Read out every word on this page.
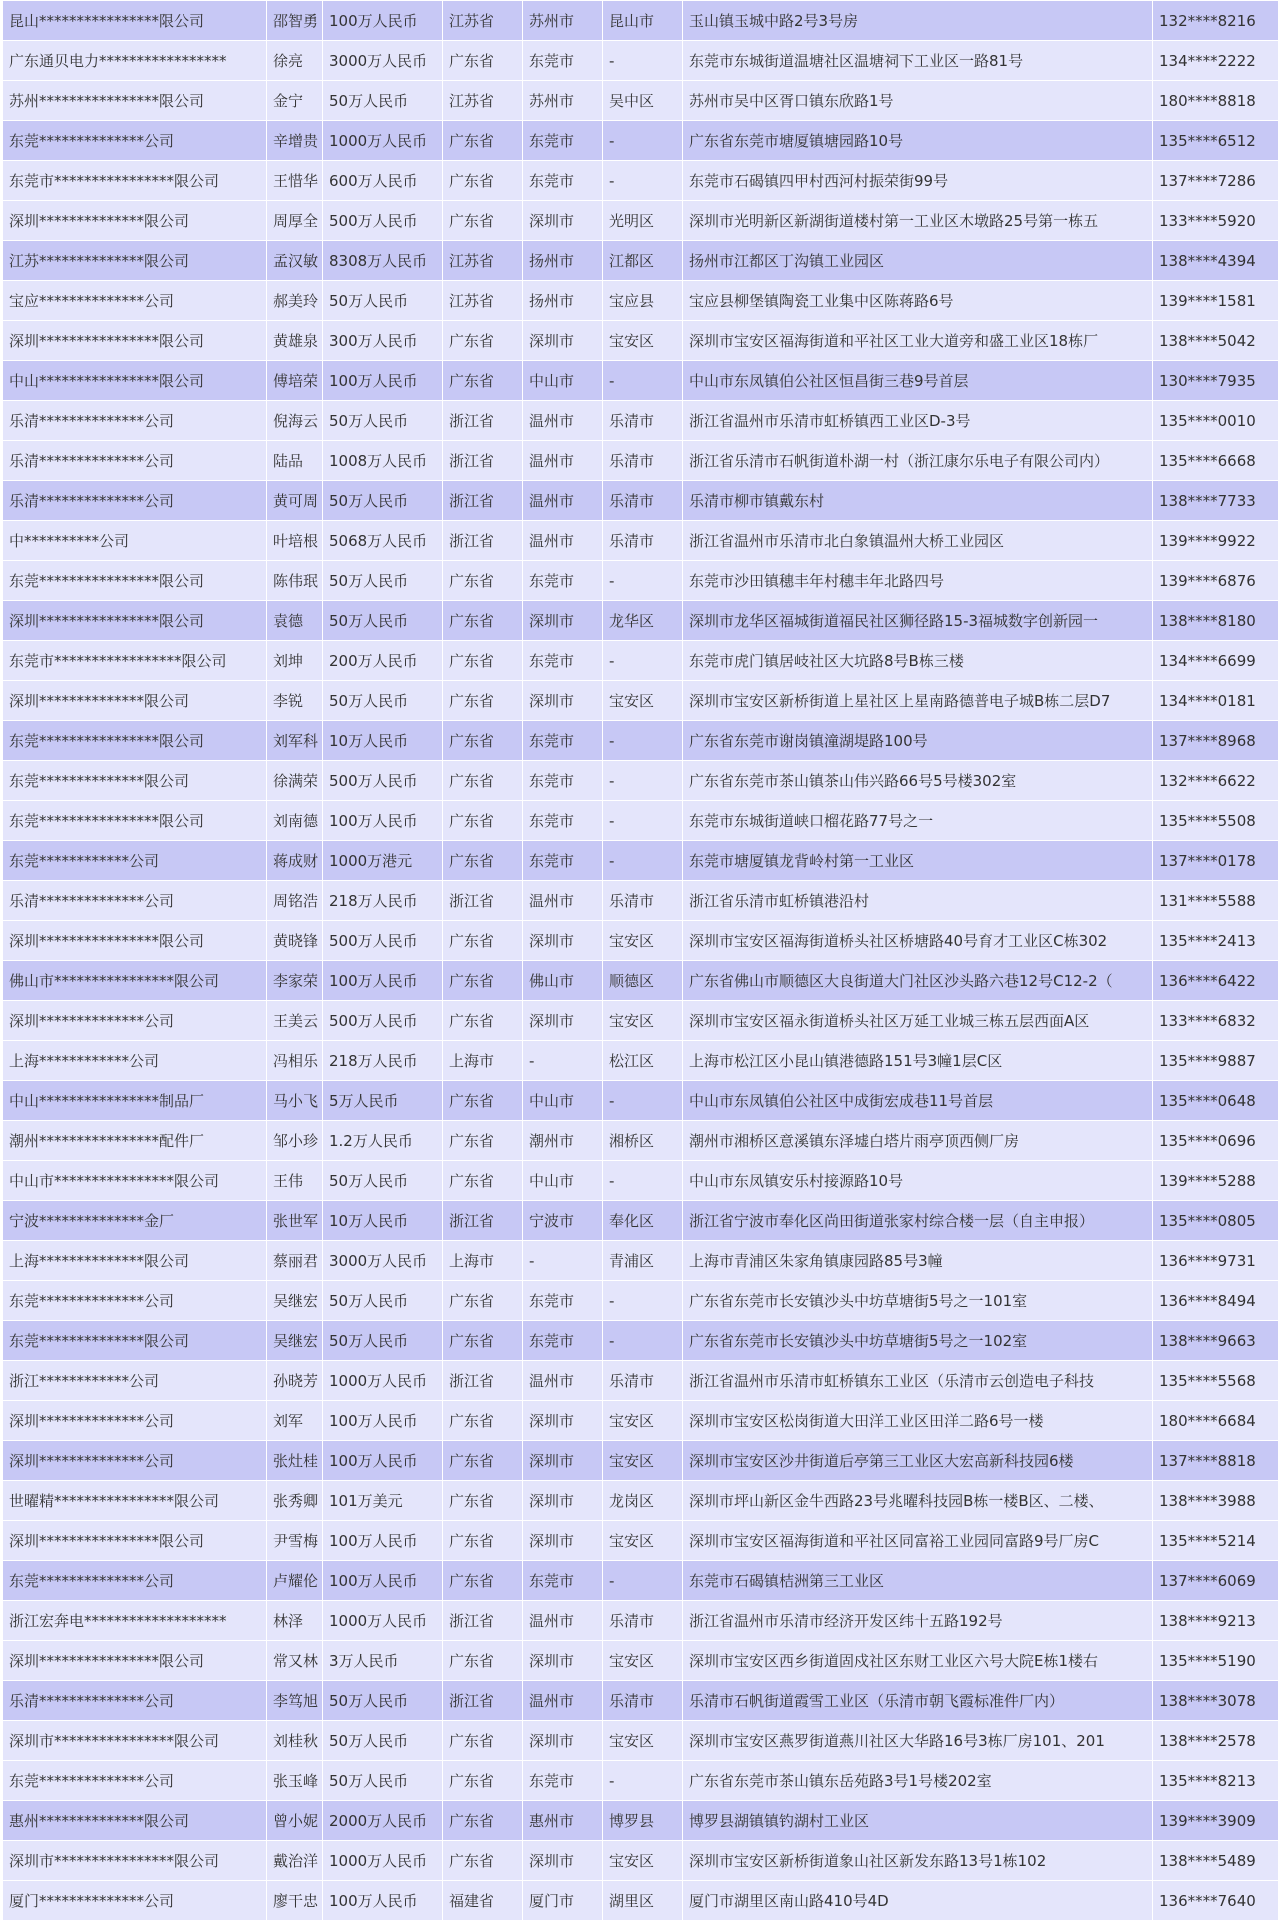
昆山****************限公司	邵智勇	100万人民币	江苏省	苏州市	昆山市	玉山镇玉城中路2号3号房	132****8216
广东通贝电力*****************	徐亮	3000万人民币	广东省	东莞市	-	东莞市东城街道温塘社区温塘祠下工业区一路81号	134****2222
苏州****************限公司	金宁	50万人民币	江苏省	苏州市	吴中区	苏州市吴中区胥口镇东欣路1号	180****8818
东莞**************公司	辛增贵	1000万人民币	广东省	东莞市	-	广东省东莞市塘厦镇塘园路10号	135****6512
东莞市****************限公司	王惜华	600万人民币	广东省	东莞市	-	东莞市石碣镇四甲村西河村振荣街99号	137****7286
深圳**************限公司	周厚全	500万人民币	广东省	深圳市	光明区	深圳市光明新区新湖街道楼村第一工业区木墩路25号第一栋五	133****5920
江苏**************限公司	孟汉敏	8308万人民币	江苏省	扬州市	江都区	扬州市江都区丁沟镇工业园区	138****4394
宝应**************公司	郝美玲	50万人民币	江苏省	扬州市	宝应县	宝应县柳堡镇陶瓷工业集中区陈蒋路6号	139****1581
深圳****************限公司	黄雄泉	300万人民币	广东省	深圳市	宝安区	深圳市宝安区福海街道和平社区工业大道旁和盛工业区18栋厂	138****5042
中山****************限公司	傅培荣	100万人民币	广东省	中山市	-	中山市东凤镇伯公社区恒昌街三巷9号首层	130****7935
乐清**************公司	倪海云	50万人民币	浙江省	温州市	乐清市	浙江省温州市乐清市虹桥镇西工业区D-3号	135****0010
乐清**************公司	陆品	1008万人民币	浙江省	温州市	乐清市	浙江省乐清市石帆街道朴湖一村（浙江康尔乐电子有限公司内）	135****6668
乐清**************公司	黄可周	50万人民币	浙江省	温州市	乐清市	乐清市柳市镇戴东村	138****7733
中**********公司	叶培根	5068万人民币	浙江省	温州市	乐清市	浙江省温州市乐清市北白象镇温州大桥工业园区	139****9922
东莞****************限公司	陈伟珉	50万人民币	广东省	东莞市	-	东莞市沙田镇穗丰年村穗丰年北路四号	139****6876
深圳****************限公司	袁德	50万人民币	广东省	深圳市	龙华区	深圳市龙华区福城街道福民社区狮径路15-3福城数字创新园一	138****8180
东莞市*****************限公司	刘坤	200万人民币	广东省	东莞市	-	东莞市虎门镇居岐社区大坑路8号B栋三楼	134****6699
深圳**************限公司	李锐	50万人民币	广东省	深圳市	宝安区	深圳市宝安区新桥街道上星社区上星南路德普电子城B栋二层D7	134****0181
东莞****************限公司	刘军科	10万人民币	广东省	东莞市	-	广东省东莞市谢岗镇潼湖堤路100号	137****8968
东莞**************限公司	徐满荣	500万人民币	广东省	东莞市	-	广东省东莞市茶山镇茶山伟兴路66号5号楼302室	132****6622
东莞****************限公司	刘南德	100万人民币	广东省	东莞市	-	东莞市东城街道峡口榴花路77号之一	135****5508
东莞************公司	蒋成财	1000万港元	广东省	东莞市	-	东莞市塘厦镇龙背岭村第一工业区	137****0178
乐清**************公司	周铭浩	218万人民币	浙江省	温州市	乐清市	浙江省乐清市虹桥镇港沿村	131****5588
深圳****************限公司	黄晓锋	500万人民币	广东省	深圳市	宝安区	深圳市宝安区福海街道桥头社区桥塘路40号育才工业区C栋302	135****2413
佛山市****************限公司	李家荣	100万人民币	广东省	佛山市	顺德区	广东省佛山市顺德区大良街道大门社区沙头路六巷12号C12-2（	136****6422
深圳**************公司	王美云	500万人民币	广东省	深圳市	宝安区	深圳市宝安区福永街道桥头社区万延工业城三栋五层西面A区	133****6832
上海************公司	冯相乐	218万人民币	上海市	-	松江区	上海市松江区小昆山镇港德路151号3幢1层C区	135****9887
中山****************制品厂	马小飞	5万人民币	广东省	中山市	-	中山市东凤镇伯公社区中成街宏成巷11号首层	135****0648
潮州****************配件厂	邹小珍	1.2万人民币	广东省	潮州市	湘桥区	潮州市湘桥区意溪镇东泽墟白塔片雨亭顶西侧厂房	135****0696
中山市****************限公司	王伟	50万人民币	广东省	中山市	-	中山市东凤镇安乐村接源路10号	139****5288
宁波**************金厂	张世军	10万人民币	浙江省	宁波市	奉化区	浙江省宁波市奉化区尚田街道张家村综合楼一层（自主申报）	135****0805
上海**************限公司	蔡丽君	3000万人民币	上海市	-	青浦区	上海市青浦区朱家角镇康园路85号3幢	136****9731
东莞**************公司	吴继宏	50万人民币	广东省	东莞市	-	广东省东莞市长安镇沙头中坊草塘街5号之一101室	136****8494
东莞**************限公司	吴继宏	50万人民币	广东省	东莞市	-	广东省东莞市长安镇沙头中坊草塘街5号之一102室	138****9663
浙江************公司	孙晓芳	1000万人民币	浙江省	温州市	乐清市	浙江省温州市乐清市虹桥镇东工业区（乐清市云创造电子科技	135****5568
深圳**************公司	刘军	100万人民币	广东省	深圳市	宝安区	深圳市宝安区松岗街道大田洋工业区田洋二路6号一楼	180****6684
深圳**************公司	张灶桂	100万人民币	广东省	深圳市	宝安区	深圳市宝安区沙井街道后亭第三工业区大宏高新科技园6楼	137****8818
世曜精****************限公司	张秀卿	101万美元	广东省	深圳市	龙岗区	深圳市坪山新区金牛西路23号兆曜科技园B栋一楼B区、二楼、	138****3988
深圳****************限公司	尹雪梅	100万人民币	广东省	深圳市	宝安区	深圳市宝安区福海街道和平社区同富裕工业园同富路9号厂房C	135****5214
东莞**************公司	卢耀伦	100万人民币	广东省	东莞市	-	东莞市石碣镇桔洲第三工业区	137****6069
浙江宏奔电*******************	林泽	1000万人民币	浙江省	温州市	乐清市	浙江省温州市乐清市经济开发区纬十五路192号	138****9213
深圳****************限公司	常又林	3万人民币	广东省	深圳市	宝安区	深圳市宝安区西乡街道固戍社区东财工业区六号大院E栋1楼右	135****5190
乐清**************公司	李笃旭	50万人民币	浙江省	温州市	乐清市	乐清市石帆街道霞雪工业区（乐清市朝飞霞标准件厂内）	138****3078
深圳市****************限公司	刘桂秋	50万人民币	广东省	深圳市	宝安区	深圳市宝安区燕罗街道燕川社区大华路16号3栋厂房101、201	138****2578
东莞**************公司	张玉峰	50万人民币	广东省	东莞市	-	广东省东莞市茶山镇东岳苑路3号1号楼202室	135****8213
惠州**************限公司	曾小妮	2000万人民币	广东省	惠州市	博罗县	博罗县湖镇镇钓湖村工业区	139****3909
深圳市****************限公司	戴治洋	1000万人民币	广东省	深圳市	宝安区	深圳市宝安区新桥街道象山社区新发东路13号1栋102	138****5489
厦门**************公司	廖干忠	100万人民币	福建省	厦门市	湖里区	厦门市湖里区南山路410号4D	136****7640
